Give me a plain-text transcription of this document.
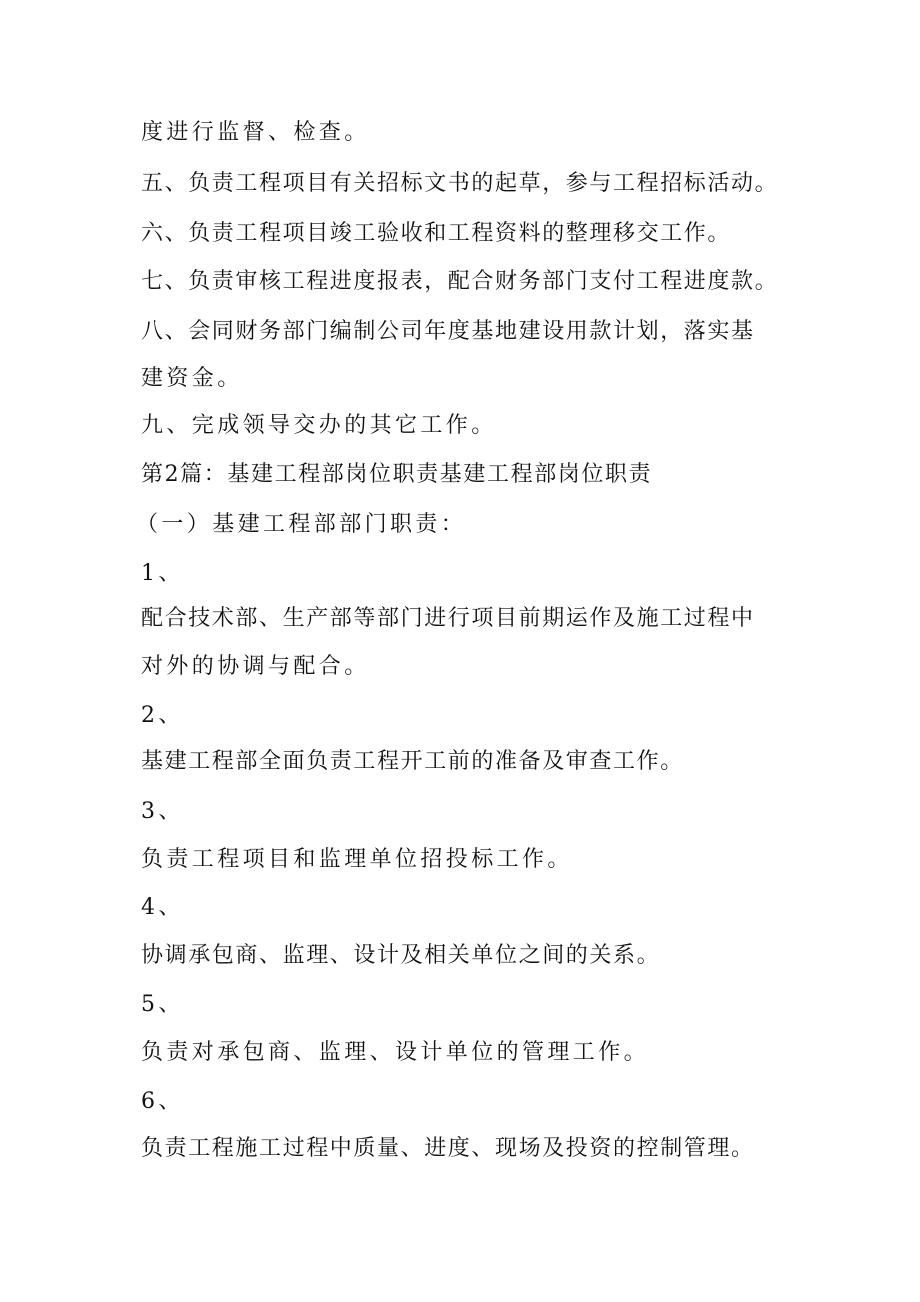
度进行监督、检查。
五、负责工程项目有关招标文书的起草，参与工程招标活动。
六、负责工程项目竣工验收和工程资料的整理移交工作。
七、负责审核工程进度报表，配合财务部门支付工程进度款。
八、会同财务部门编制公司年度基地建设用款计划，落实基
建资金。
九、完成领导交办的其它工作。
第2篇：基建工程部岗位职责基建工程部岗位职责
（一）基建工程部部门职责：
1、
配合技术部、生产部等部门进行项目前期运作及施工过程中
对外的协调与配合。
2、
基建工程部全面负责工程开工前的准备及审查工作。
3、
负责工程项目和监理单位招投标工作。
4、
协调承包商、监理、设计及相关单位之间的关系。
5、
负责对承包商、监理、设计单位的管理工作。
6、
负责工程施工过程中质量、进度、现场及投资的控制管理。
